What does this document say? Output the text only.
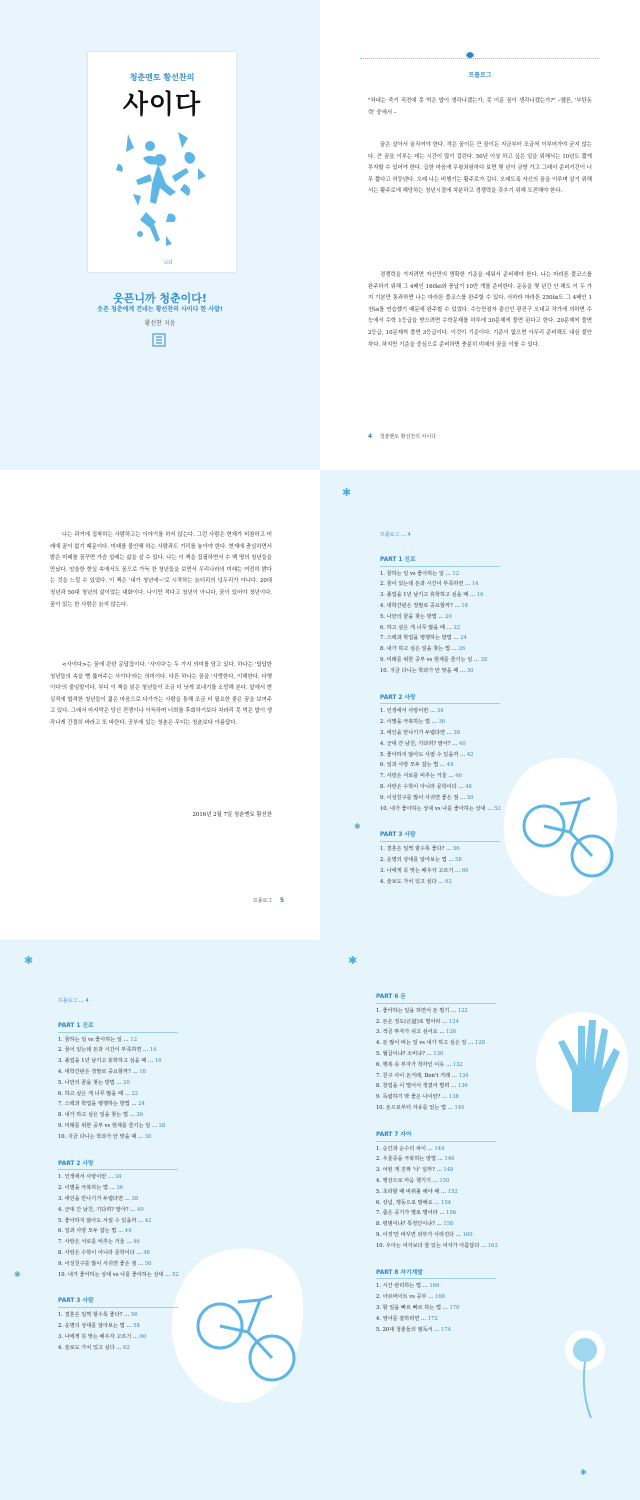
청춘멘토 황선찬의
사이다
sid
웃픈니까 청춘이다!
웃픈 청춘에게 건네는 황선찬의 사이다 한 사발!
황선찬 지음
프롤로그
"차네는 죽기 직전에 못 먹은 밥이 생각나겠는가, 못 이룬 꿈이 생각나겠는가?" –헬른, '부탄동력' 중에서 –
꿈은 살아서 움직여야 한다. 작은 꿈이든 큰 꿈이든 지금부터 조금씩 이루어가야 굳지 않는다. 큰 꿈을 이루는 데는 시간이 많이 걸린다. 50년 이상 하고 싶은 일을 위해서는 10년도 짧게 투자할 수 있어야 한다. 급한 마음에 우왕좌왕하다 보면 몇 년이 금방 가고 그래서 준비기간이 너무 짧다고 허둥댄다. 오래 나는 비행기는 활주로가 길다. 오래도록 자신의 꿈을 이루며 살기 위해서는 활주로에 해당하는 청년시절에 차분하고 경쟁력을 갖추기 위해 도전해야 한다.
경쟁력을 가지려면 자신만의 명확한 기준을 세워서 준비해야 한다. 나는 마라톤 풀코스를 완주하기 위해 그 4배인 160㎞와 풍납기 10만 개를 준비한다. 운동을 몇 년간 안 해도 이 두 가지 기본만 통과하면 나는 마라톤 풀코스를 완주할 수 있다. 사하라 마라톤 250㎞도 그 4배인 1천㎞를 연습했기 때문에 완주할 수 있었다. 수능만점자 출신인 광진구 오대교 작가에 의하면 수능에서 수학 1등급을 받으려면 수학문제를 하루에 30문제씩 풀면 된다고 한다. 20문제씩 풀면 2등급, 10문제씩 풀면 3등급이다. 이것이 기준이다. 기준이 없으면 아무리 준비해도 내심 불안하다. 하지만 기준을 중심으로 준비하면 충분히 미래의 꿈을 이룰 수 있다.
4 청춘멘토 황선찬의 사이다
나는 과거에 집착하는 사람하고는 이야기를 하지 않는다. 그런 사람은 현재가 비참하고 미래에 꿈이 없기 때문이다. 미래를 불안해 하는 사람과도 거리를 놓아야 한다. 현재에 충실하면서 밝은 미래를 꿈꾸면 가슴 설레는 삶을 살 수 있다. 나는 이 책을 집필하면서 수 백 명의 청년들을 만났다. 암울한 현실 속에서도 꿈으로 가득 찬 청년들을 보면서 우리나라의 미래는 여전히 밝다는 것을 느낄 수 있었다. 이 책은 '내가 청년에~'로 시작하는 늙더리의 넋두리가 아니다. 20대 청년과 50대 청년의 삶이었는 대화이다. 나이만 적다고 청년이 아니다, 꿈이 있어야 청년이다. 꿈이 있는 한 사람은 늙지 않는다.
<사이다>는 꿈에 관한 문답집이다. '사이다'는 두 가지 의미를 담고 있다. 하나는 '답답한 청년들의 속을 뻥 뚫어주는 사이다'라는 의미이다. 다른 하나는 꿈을 '사랑한다, 이해한다, 다행이다'의 줄임말이다. 부디 이 책을 읽은 청년들이 조금 더 낫게 보내기를 소망해 본다. 앞에서 현실적에 합격한 청년들이 젊은 마음으로 다가가는 사람을 통해 조금 더 필요한 좋은 꿈을 보여주고 있다. 그래서 마지막은 당신 전쟁이나 이득하며 너희를 후회하기보다 차라리 못 먹은 밥이 생각나게 간절히 바라고 또 바란다. 공부에 있는 청춘은 무더는 청춘보다 아름답다.
2016년 2월 7일 청춘멘토 황선찬
프롤로그 5
✱
✱
프롤로그 … 4
PART 1 진로
1. 꿈하는 일 vs 좋아하는 일 … 12
2. 꿈이 있는데 돈과 시간이 부족하면 … 14
3. 졸업을 1년 남기고 휴학하고 싶을 때 … 16
4. 대학간판은 정말로 중요할까? … 18
5. 나만의 꿈을 찾는 방법 … 20
6. 하고 싶은 게 너무 많을 때 … 22
7. 스펙과 학업을 병행하는 방법 … 24
8. 내가 하고 싶은 일을 찾는 법 … 26
9. 미래를 위한 공부 vs 현재를 즐기는 일 … 28
10. 지금 다니는 학과가 안 맞을 때 … 30
PART 2 사랑
1. 인생에서 사랑이란 … 34
2. 이별을 극복하는 법 … 36
3. 애인을 만나기가 두렵다면 … 38
4. 군대 간 남친, 기다려? 말아? … 40
5. 좋아하지 않아도 사귈 수 있을까 … 42
6. 일과 사랑 모두 잡는 법 … 44
7. 사랑은 서로를 비추는 거울 … 46
8. 사랑은 수학이 아니라 문학이다 … 48
9. 이성친구를 많이 사귀면 좋은 점 … 50
10. 내가 좋아하는 상대 vs 나를 좋아하는 상대 … 52
PART 3 사람
1. 결혼은 일찍 할수록 좋다? … 56
2. 운명의 상대를 알아보는 법 … 58
3. 나에게 꼭 맞는 배우자 고르기 … 60
4. 술보도 가치 있고 싶다 … 62
✱
✱
프롤로그 … 4
PART 1 진로
1. 꿈하는 일 vs 좋아하는 일 … 12
2. 꿈이 있는데 돈과 시간이 부족하면 … 14
3. 졸업을 1년 남기고 휴학하고 싶을 때 … 16
4. 대학간판은 정말로 중요할까? … 18
5. 나만의 꿈을 찾는 방법 … 20
6. 하고 싶은 게 너무 많을 때 … 22
7. 스펙과 학업을 병행하는 방법 … 24
8. 내가 하고 싶은 일을 찾는 법 … 26
9. 미래를 위한 공부 vs 현재를 즐기는 일 … 28
10. 지금 다니는 학과가 안 맞을 때 … 30
PART 2 사랑
1. 인생에서 사랑이란 … 34
2. 이별을 극복하는 법 … 36
3. 애인을 만나기가 두렵다면 … 38
4. 군대 간 남친, 기다려? 말아? … 40
5. 좋아하지 않아도 사귈 수 있을까 … 42
6. 일과 사랑 모두 잡는 법 … 44
7. 사랑은 서로를 비추는 거울 … 46
8. 사랑은 수학이 아니라 문학이다 … 48
9. 이성친구를 많이 사귀면 좋은 점 … 50
10. 내가 좋아하는 상대 vs 나를 좋아하는 상대 … 52
PART 3 사람
1. 결혼은 일찍 할수록 좋다? … 56
2. 운명의 상대를 알아보는 법 … 58
3. 나에게 꼭 맞는 배우자 고르기 … 60
4. 술보도 가치 있고 싶다 … 62
✱
✱
PART 6 돈
1. 좋아하는 일을 하면서 돈 벌기 … 122
2. 돈은 정도(正道)로 벌어라 … 124
3. 적금 투자가 쉬고 싶어요 … 126
4. 돈 많이 버는 일 vs 내가 하고 싶은 일 … 128
5. 월급이냐? 소비냐? … 130
6. 행복 속 부자가 착각인 이유 … 132
7. 친구 사이 돈거래, Don't 거래 … 134
8. 창업을 이 떨어서 생겼어 벌려 … 136
9. 독립하기 딱 좋은 나이란? … 138
10. 돈으로부터 자유를 얻는 법 … 140
PART 7 자아
1. 순간과 순수의 차이 … 144
2. 우울증을 극복하는 방법 … 146
3. 어떤 게 진짜 '나' 일까? … 148
4. 행상으로 마음 챙기기 … 150
5. 초라할 때 바꿔볼 해야 해 … 152
6. 상념, 행동으로 말해요 … 154
7. 좁은 공기가 별로 별어라 … 156
8. 평범이냐? 특정인이냐? … 158
9. 이것'만 바꾸면 외부가 사라진다 … 160
10. 우아는 여자보다 잘 있는 여자가 아름답다 … 162
PART 8 자기계발
1. 시간 관리하는 법 … 166
2. 아르바이트 vs 공부 … 168
3. 할 일을 빠르 빠르 하는 법 … 170
4. 영어를 잘하려면 … 172
5. 20대 청춘들의 필독서 … 174
